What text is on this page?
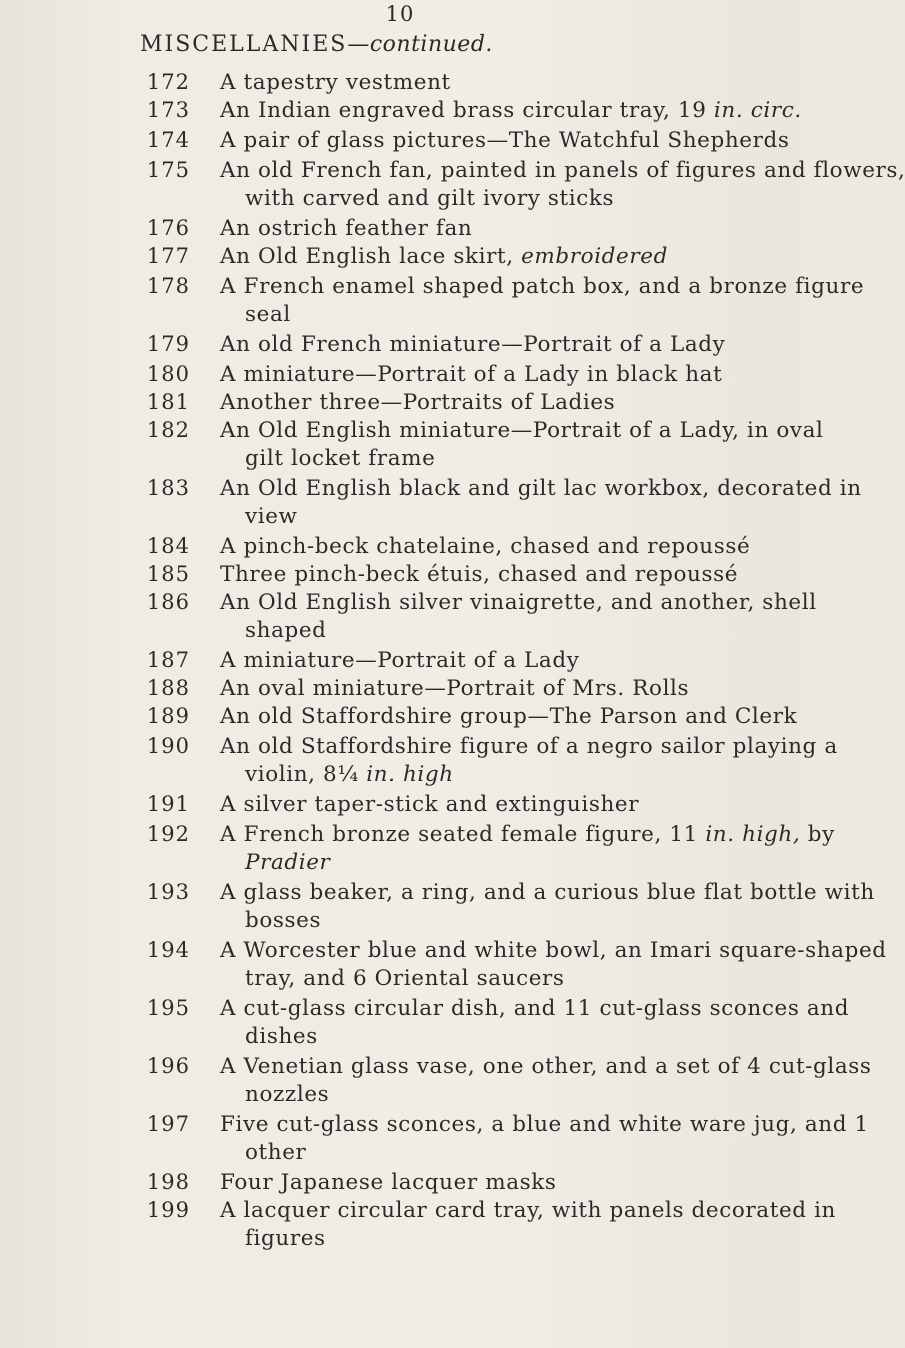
10
MISCELLANIES—continued.
172 A tapestry vestment
173 An Indian engraved brass circular tray, 19 in. circ.
174 A pair of glass pictures—The Watchful Shepherds
175 An old French fan, painted in panels of figures and flowers,
with carved and gilt ivory sticks
176 An ostrich feather fan
177 An Old English lace skirt, embroidered
178 A French enamel shaped patch box, and a bronze figure
seal
179 An old French miniature—Portrait of a Lady
180 A miniature—Portrait of a Lady in black hat
181 Another three—Portraits of Ladies
182 An Old English miniature—Portrait of a Lady, in oval
gilt locket frame
183 An Old English black and gilt lac workbox, decorated in
view
184 A pinch-beck chatelaine, chased and repoussé
185 Three pinch-beck étuis, chased and repoussé
186 An Old English silver vinaigrette, and another, shell
shaped
187 A miniature—Portrait of a Lady
188 An oval miniature—Portrait of Mrs. Rolls
189 An old Staffordshire group—The Parson and Clerk
190 An old Staffordshire figure of a negro sailor playing a
violin, 8¼ in. high
191 A silver taper-stick and extinguisher
192 A French bronze seated female figure, 11 in. high, by
Pradier
193 A glass beaker, a ring, and a curious blue flat bottle with
bosses
194 A Worcester blue and white bowl, an Imari square-shaped
tray, and 6 Oriental saucers
195 A cut-glass circular dish, and 11 cut-glass sconces and
dishes
196 A Venetian glass vase, one other, and a set of 4 cut-glass
nozzles
197 Five cut-glass sconces, a blue and white ware jug, and 1
other
198 Four Japanese lacquer masks
199 A lacquer circular card tray, with panels decorated in
figures
